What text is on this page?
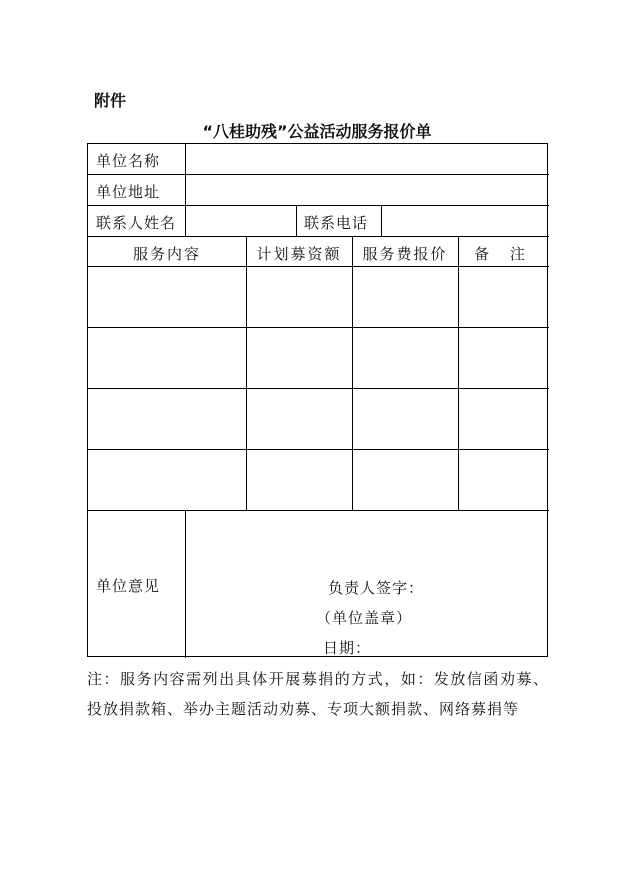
附件
“八桂助残”公益活动服务报价单
单位名称
单位地址
联系人姓名	联系电话
服务内容	计划募资额	服务费报价	备 注
单位意见	负责人签字：
（单位盖章）
日期：
注：服务内容需列出具体开展募捐的方式，如：发放信函劝募、投放捐款箱、举办主题活动劝募、专项大额捐款、网络募捐等
